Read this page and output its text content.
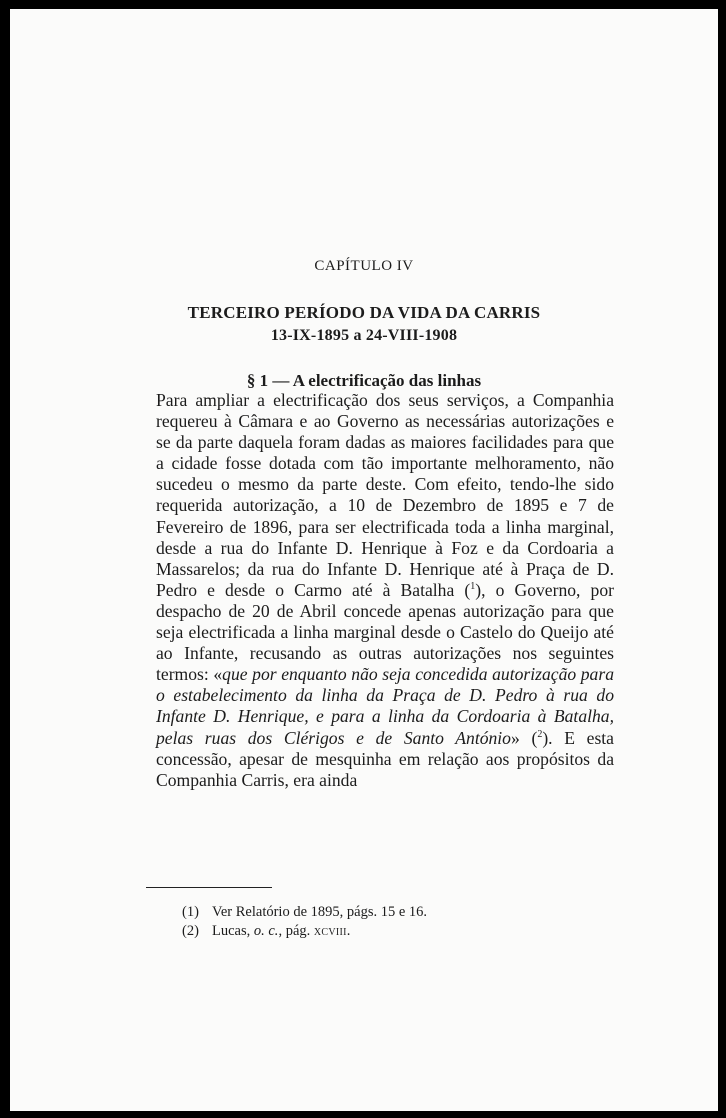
CAPÍTULO IV
TERCEIRO PERÍODO DA VIDA DA CARRIS
13-IX-1895 a 24-VIII-1908
§ 1 — A electrificação das linhas

Para ampliar a electrificação dos seus serviços, a Companhia requereu à Câmara e ao Governo as necessárias autorizações e se da parte daquela foram dadas as maiores facilidades para que a cidade fosse dotada com tão importante melhoramento, não sucedeu o mesmo da parte deste. Com efeito, tendo-lhe sido requerida autorização, a 10 de Dezembro de 1895 e 7 de Fevereiro de 1896, para ser electrificada toda a linha marginal, desde a rua do Infante D. Henrique à Foz e da Cordoaria a Massarelos; da rua do Infante D. Henrique até à Praça de D. Pedro e desde o Carmo até à Batalha ($^1$), o Governo, por despacho de 20 de Abril concede apenas autorização para que seja electrificada a linha marginal desde o Castelo do Queijo até ao Infante, recusando as outras autorizações nos seguintes termos: «que por enquanto não seja concedida autorização para o estabelecimento da linha da Praça de D. Pedro à rua do Infante D. Henrique, e para a linha da Cordoaria à Batalha, pelas ruas dos Clérigos e de Santo António» ($^2$). E esta concessão, apesar de mesquinha em relação aos propósitos da Companhia Carris, era ainda

(1) Ver Relatório de 1895, págs. 15 e 16.
(2) Lucas, o. c., pág. xcviii.
